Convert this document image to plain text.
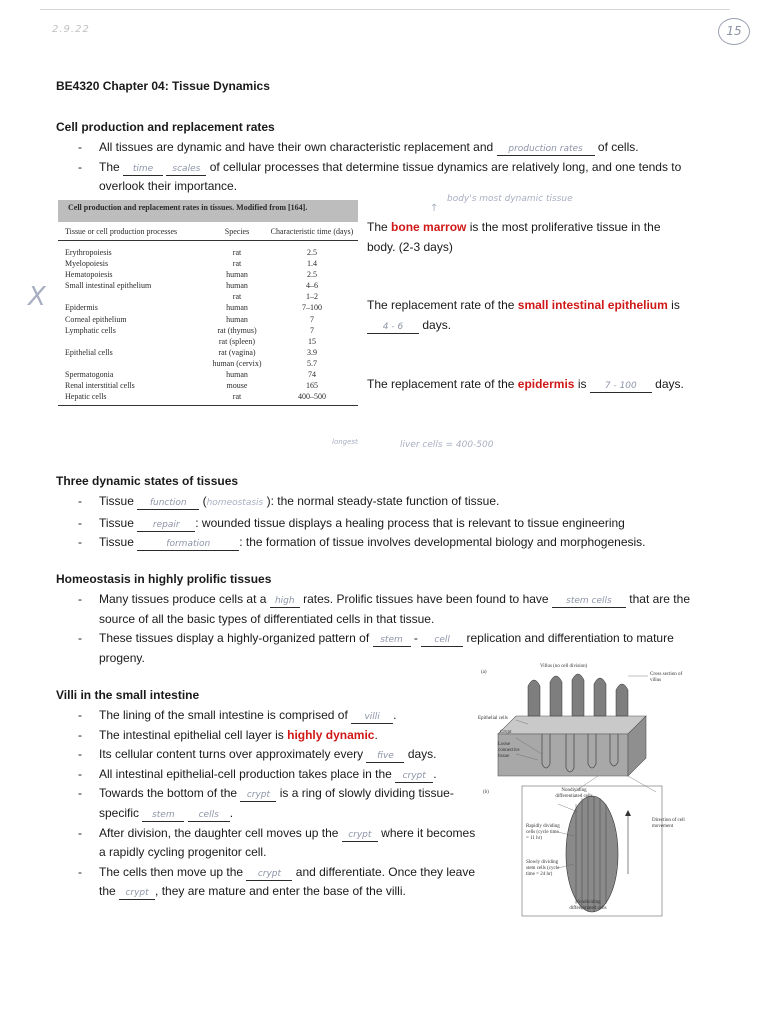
2.9.22	15
BE4320 Chapter 04: Tissue Dynamics
Cell production and replacement rates
- All tissues are dynamic and have their own characteristic replacement and production rates of cells.
- The time scales of cellular processes that determine tissue dynamics are relatively long, and one tends to overlook their importance.
Cell production and replacement rates in tissues. Modified from [164].
Tissue or cell production processes	Species	Characteristic time (days)
Erythropoiesis	rat	2.5
Myelopoiesis	rat	1.4
Hematopoiesis	human	2.5
Small intestinal epithelium	human	4–6
rat	1–2
Epidermis	human	7–100
Corneal epithelium	human	7
Lymphatic cells	rat (thymus)	7
rat (spleen)	15
Epithelial cells	rat (vagina)	3.9
human (cervix)	5.7
Spermatogonia	human	74
Renal interstitial cells	mouse	165
Hepatic cells	rat	400–500
body's most dynamic tissue
↑
X
longest	liver cells = 400-500
The bone marrow is the most proliferative tissue in the body. (2-3 days)
The replacement rate of the small intestinal epithelium is 4 - 6 days.
The replacement rate of the epidermis is 7 - 100 days.
Three dynamic states of tissues
- Tissue function (homeostasis ): the normal steady-state function of tissue.
- Tissue repair : wounded tissue displays a healing process that is relevant to tissue engineering
- Tissue	formation : the formation of tissue involves developmental biology and morphogenesis.
Homeostasis in highly prolific tissues
- Many tissues produce cells at a high rates. Prolific tissues have been found to have stem cells that are the source of all the basic types of differentiated cells in that tissue.
- These tissues display a highly-organized pattern of stem - cell replication and differentiation to mature progeny.
Villi in the small intestine
- The lining of the small intestine is comprised of villi .
- The intestinal epithelial cell layer is highly dynamic.
- Its cellular content turns over approximately every five days.
- All intestinal epithelial-cell production takes place in the crypt .
- Towards the bottom of the crypt is a ring of slowly dividing tissue-specific stem	cells .
- After division, the daughter cell moves up the crypt where it becomes a rapidly cycling progenitor cell.
- The cells then move up the crypt and differentiate. Once they leave the crypt , they are mature and enter the base of the villi.
(a)
(b)
Villus (no cell division)
Cross section of villus
Epithelial cells
Crypt
Loose connective tissue
Nondividing differentiated cells
Direction of cell movement
Rapidly dividing cells (cycle time = 11 hr)
Slowly dividing stem cells (cycle time = 24 hr)
Nondividing differentiated cells
